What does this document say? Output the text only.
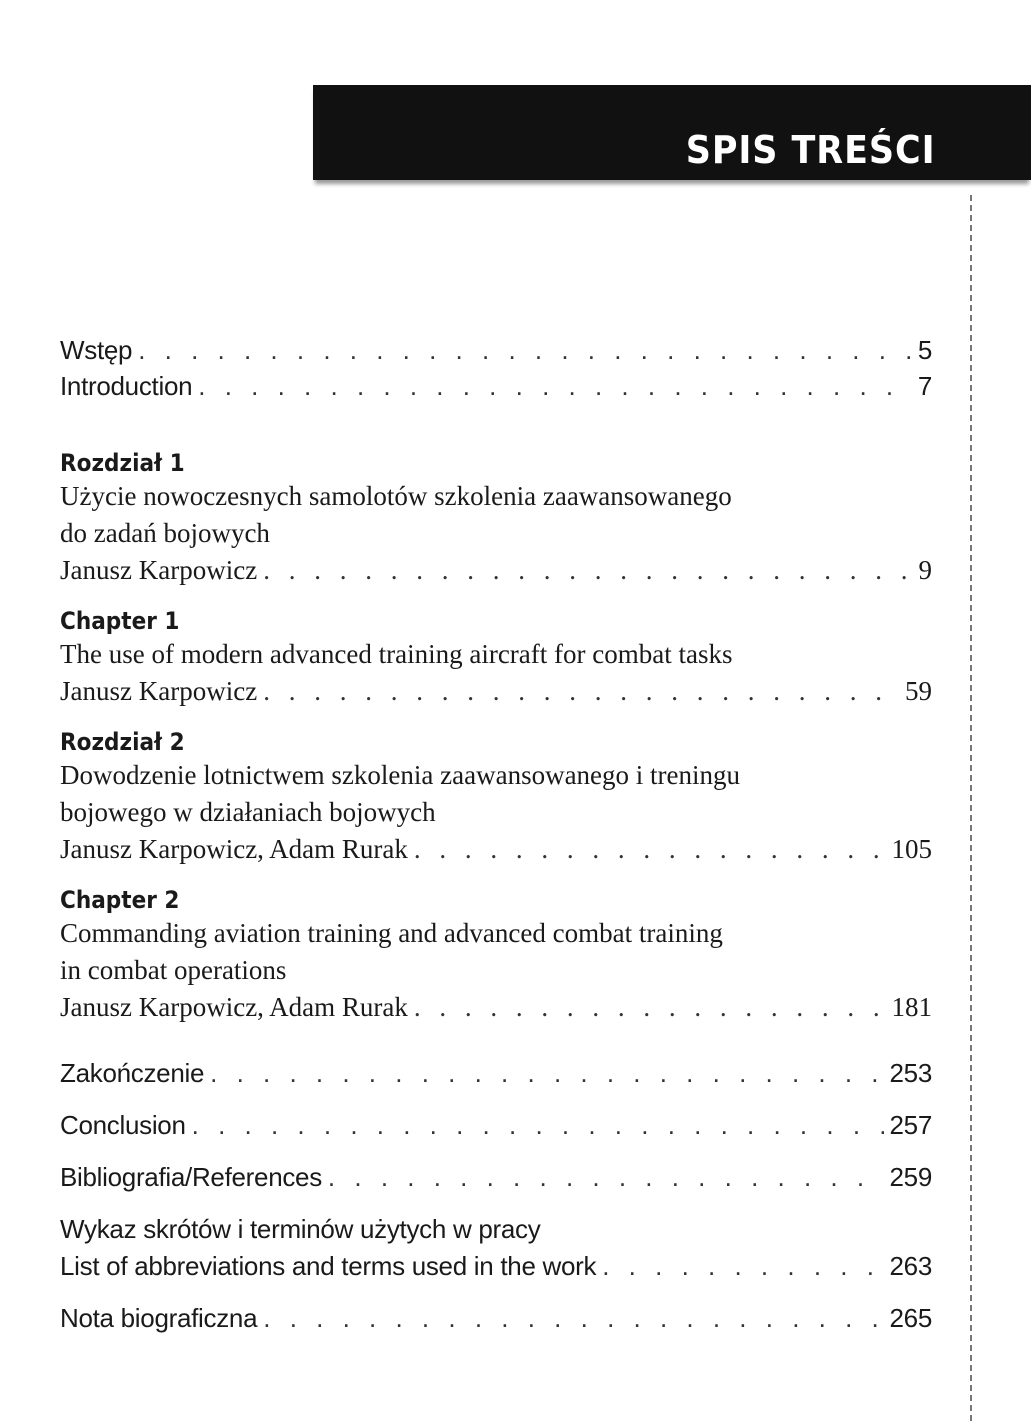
SPIS TREŚCI
Wstęp . . .	5
Introduction . . .	7
Rozdział 1
Użycie nowoczesnych samolotów szkolenia zaawansowanego
do zadań bojowych
Janusz Karpowicz . . .	9
Chapter 1
The use of modern advanced training aircraft for combat tasks
Janusz Karpowicz . . .	59
Rozdział 2
Dowodzenie lotnictwem szkolenia zaawansowanego i treningu
bojowego w działaniach bojowych
Janusz Karpowicz, Adam Rurak . . .	105
Chapter 2
Commanding aviation training and advanced combat training
in combat operations
Janusz Karpowicz, Adam Rurak . . .	181
Zakończenie . . .	253
Conclusion . . .	257
Bibliografia/References . . .	259
Wykaz skrótów i terminów użytych w pracy
List of abbreviations and terms used in the work . . .	263
Nota biograficzna . . .	265
